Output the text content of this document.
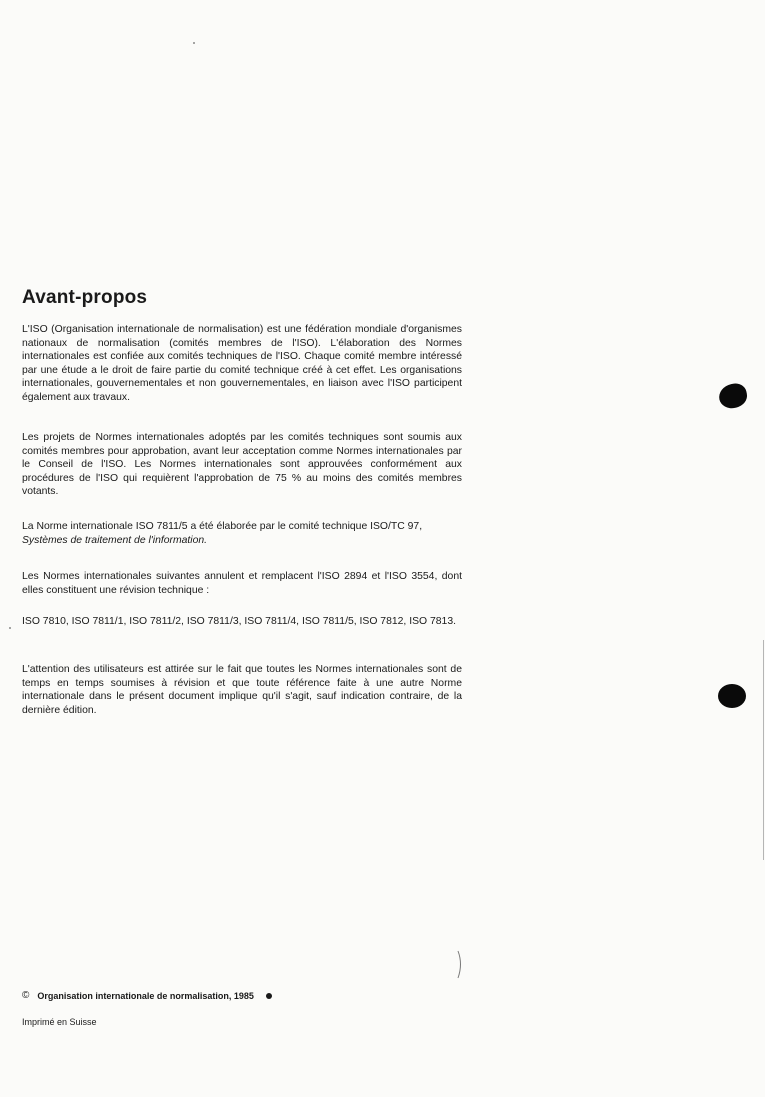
Avant-propos

L'ISO (Organisation internationale de normalisation) est une fédération mondiale d'organismes nationaux de normalisation (comités membres de l'ISO). L'élaboration des Normes internationales est confiée aux comités techniques de l'ISO. Chaque comité membre intéressé par une étude a le droit de faire partie du comité technique créé à cet effet. Les organisations internationales, gouvernementales et non gouvernementales, en liaison avec l'ISO participent également aux travaux.

Les projets de Normes internationales adoptés par les comités techniques sont soumis aux comités membres pour approbation, avant leur acceptation comme Normes internationales par le Conseil de l'ISO. Les Normes internationales sont approuvées conformément aux procédures de l'ISO qui requièrent l'approbation de 75 % au moins des comités membres votants.

La Norme internationale ISO 7811/5 a été élaborée par le comité technique ISO/TC 97,
Systèmes de traitement de l'information.

Les Normes internationales suivantes annulent et remplacent l'ISO 2894 et l'ISO 3554, dont elles constituent une révision technique :

ISO 7810, ISO 7811/1, ISO 7811/2, ISO 7811/3, ISO 7811/4, ISO 7811/5, ISO 7812, ISO 7813.

L'attention des utilisateurs est attirée sur le fait que toutes les Normes internationales sont de temps en temps soumises à révision et que toute référence faite à une autre Norme internationale dans le présent document implique qu'il s'agit, sauf indication contraire, de la dernière édition.

© Organisation internationale de normalisation, 1985

Imprimé en Suisse
